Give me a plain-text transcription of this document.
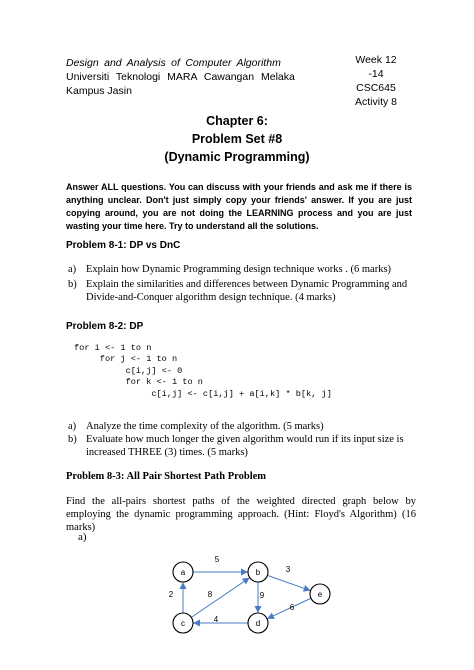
Design and Analysis of Computer Algorithm
Universiti Teknologi MARA Cawangan Melaka
Kampus Jasin
Week 12 -14
CSC645
Activity 8
Chapter 6:
Problem Set #8
(Dynamic Programming)
Answer ALL questions. You can discuss with your friends and ask me if there is anything unclear. Don't just simply copy your friends' answer. If you are just copying around, you are not doing the LEARNING process and you are just wasting your time here. Try to understand all the solutions.
Problem 8-1: DP vs DnC
a) Explain how Dynamic Programming design technique works . (6 marks)
b) Explain the similarities and differences between Dynamic Programming and Divide-and-Conquer algorithm design technique. (4 marks)
Problem 8-2: DP
for i <- 1 to n
for j <- 1 to n
c[i,j] <- 0
for k <- 1 to n
c[i,j] <- c[i,j] + a[i,k] * b[k, j]
a) Analyze the time complexity of the algorithm. (5 marks)
b) Evaluate how much longer the given algorithm would run if its input size is increased THREE (3) times. (5 marks)
Problem 8-3: All Pair Shortest Path Problem
Find the all-pairs shortest paths of the weighted directed graph below by employing the dynamic programming approach. (Hint: Floyd's Algorithm) (16 marks)
a)
5
3
2	8	9
4
6
a	b
c	d
e
